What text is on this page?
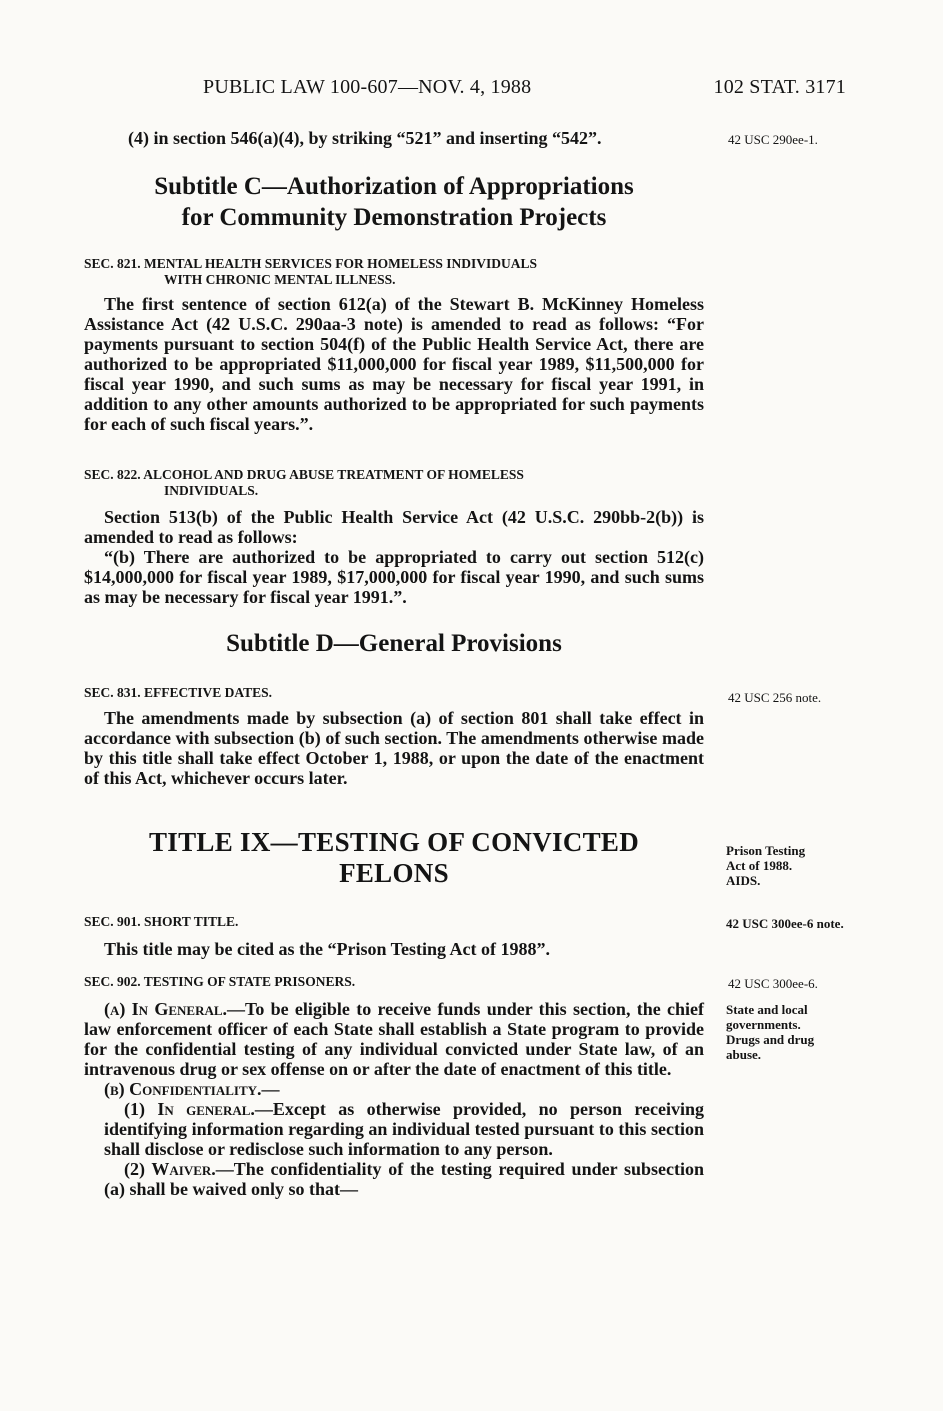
PUBLIC LAW 100-607—NOV. 4, 1988	102 STAT. 3171
(4) in section 546(a)(4), by striking “521” and inserting “542”.	42 USC 290ee-1.
Subtitle C—Authorization of Appropriations
for Community Demonstration Projects
SEC. 821. MENTAL HEALTH SERVICES FOR HOMELESS INDIVIDUALS
WITH CHRONIC MENTAL ILLNESS.
The first sentence of section 612(a) of the Stewart B. McKinney Homeless Assistance Act (42 U.S.C. 290aa-3 note) is amended to read as follows: “For payments pursuant to section 504(f) of the Public Health Service Act, there are authorized to be appropriated $11,000,000 for fiscal year 1989, $11,500,000 for fiscal year 1990, and such sums as may be necessary for fiscal year 1991, in addition to any other amounts authorized to be appropriated for such payments for each of such fiscal years.”.
SEC. 822. ALCOHOL AND DRUG ABUSE TREATMENT OF HOMELESS
INDIVIDUALS.
Section 513(b) of the Public Health Service Act (42 U.S.C. 290bb-2(b)) is amended to read as follows:
“(b) There are authorized to be appropriated to carry out section 512(c) $14,000,000 for fiscal year 1989, $17,000,000 for fiscal year 1990, and such sums as may be necessary for fiscal year 1991.”.
Subtitle D—General Provisions
SEC. 831. EFFECTIVE DATES.
The amendments made by subsection (a) of section 801 shall take effect in accordance with subsection (b) of such section. The amendments otherwise made by this title shall take effect October 1, 1988, or upon the date of the enactment of this Act, whichever occurs later.
42 USC 256 note.
TITLE IX—TESTING OF CONVICTED
FELONS
Prison Testing
Act of 1988.
AIDS.
SEC. 901. SHORT TITLE.
This title may be cited as the “Prison Testing Act of 1988”.
42 USC 300ee-6 note.
SEC. 902. TESTING OF STATE PRISONERS.
(a) In General.—To be eligible to receive funds under this section, the chief law enforcement officer of each State shall establish a State program to provide for the confidential testing of any individual convicted under State law, of an intravenous drug or sex offense on or after the date of enactment of this title.
(b) Confidentiality.—
(1) In general.—Except as otherwise provided, no person receiving identifying information regarding an individual tested pursuant to this section shall disclose or redisclose such information to any person.
(2) Waiver.—The confidentiality of the testing required under subsection (a) shall be waived only so that—
42 USC 300ee-6.
State and local
governments.
Drugs and drug
abuse.
